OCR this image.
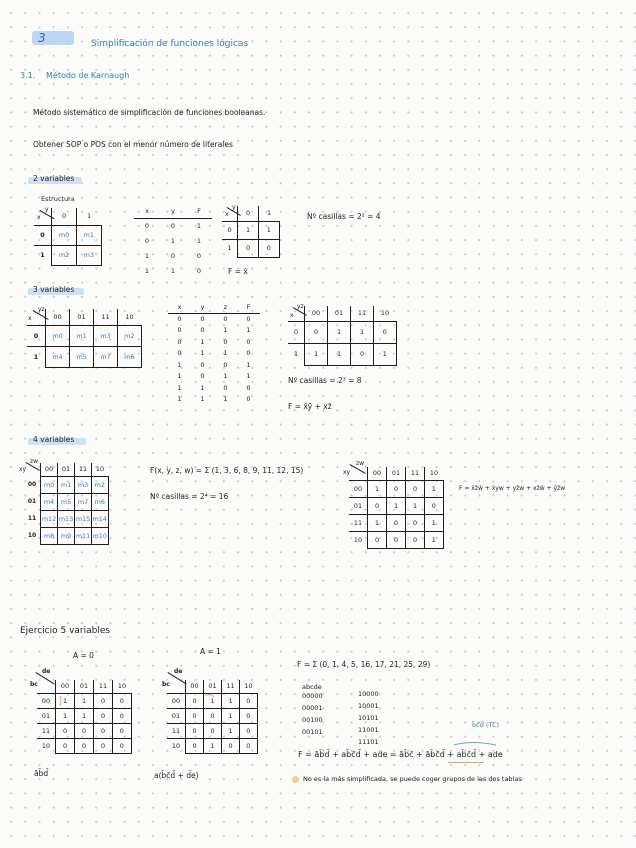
3	Simplificación de funciones lógicas
3.1. Método de Karnaugh
Método sistemático de simplificación de funciones booleanas.
Obtener SOP o POS con el menor número de literales
2 variables
Estructura
x
y
	0	1
0	m0	m1
1	m2	m3
x	y	F
0	0	1
0	1	1
1	0	0
1	1	0
x
y
	0	1
0	1	1
1	0	0
Nº casillas = 2² = 4
F = x̄
3 variables
x
yz
	00	01	11	10
0	m0	m1	m3	m2
1	m4	m5	m7	m6
x	y	z	F
0	0	0	0
0	0	1	1
0	1	0	0
0	1	1	0
1	0	0	1
1	0	1	1
1	1	0	0
1	1	1	0
x
yz
	00	01	11	10
0	0	1	1	0
1	1	1	0	1
Nº casillas = 2³ = 8
F = x̄ȳ + xz̄
4 variables
xy
zw
	00	01	11	10
00	m0	m1	m3	m2
01	m4	m5	m7	m6
11	m12	m13	m15	m14
10	m8	m9	m11	m10
F(x, y, z, w) = Σ (1, 3, 6, 8, 9, 11, 12, 15)
Nº casillas = 2⁴ = 16
xy
zw
	00	01	11	10
00	1	0	0	1
01	0	1	1	0
11	1	0	0	1
10	0	0	0	1
F = x̄z̄w̄ + x̄yw + yz̄w + xz̄w̄ + ȳz̄w
Ejercicio 5 variables
A = 0	A = 1
bc
de
	00	01	11	10
00	1	1	0	0
01	1	1	0	0
11	0	0	0	0
10	0	0	0	0
āb̄d̄
bc
de
	00	01	11	10
00	0	1	1	0
01	0	0	1	0
11	0	0	1	0
10	0	1	0	0
a(b̄c̄d̄ + d̄e)
F = Σ (0, 1, 4, 5, 16, 17, 21, 25, 29)
abcde
00000
00001
00100
00101
10000
10001
10101
11001
11101
b̄c̄d̄ (TC)
F = āb̄d̄ + ab̄c̄d̄ + ade = āb̄c̄ + āb̄c̄d̄ + ab̄c̄d̄ + ade
No es la más simplificada, se puede coger grupos de las dos tablas
